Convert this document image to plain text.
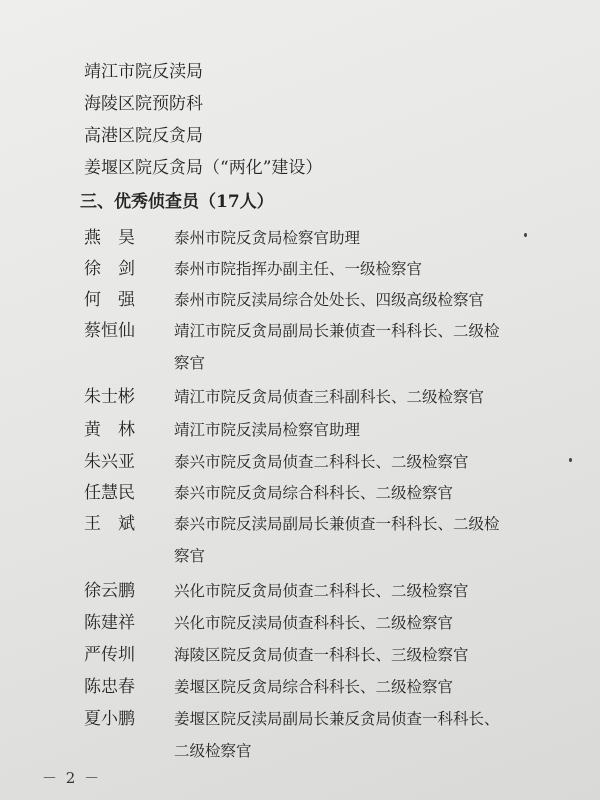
靖江市院反渎局
海陵区院预防科
高港区院反贪局
姜堰区院反贪局（“两化”建设）
三、优秀侦查员（17人）
燕昊 泰州市院反贪局检察官助理
徐剑 泰州市院指挥办副主任、一级检察官
何强 泰州市院反渎局综合处处长、四级高级检察官
蔡恒仙	靖江市院反贪局副局长兼侦查一科科长、二级检
察官
朱士彬	靖江市院反贪局侦查三科副科长、二级检察官
黄林 靖江市院反渎局检察官助理
朱兴亚	泰兴市院反贪局侦查二科科长、二级检察官
任慧民	泰兴市院反贪局综合科科长、二级检察官
王斌 泰兴市院反渎局副局长兼侦查一科科长、二级检
察官
徐云鹏	兴化市院反贪局侦查二科科长、二级检察官
陈建祥	兴化市院反渎局侦查科科长、二级检察官
严传圳	海陵区院反贪局侦查一科科长、三级检察官
陈忠春	姜堰区院反贪局综合科科长、二级检察官
夏小鹏	姜堰区院反渎局副局长兼反贪局侦查一科科长、
二级检察官
－ 2 －
